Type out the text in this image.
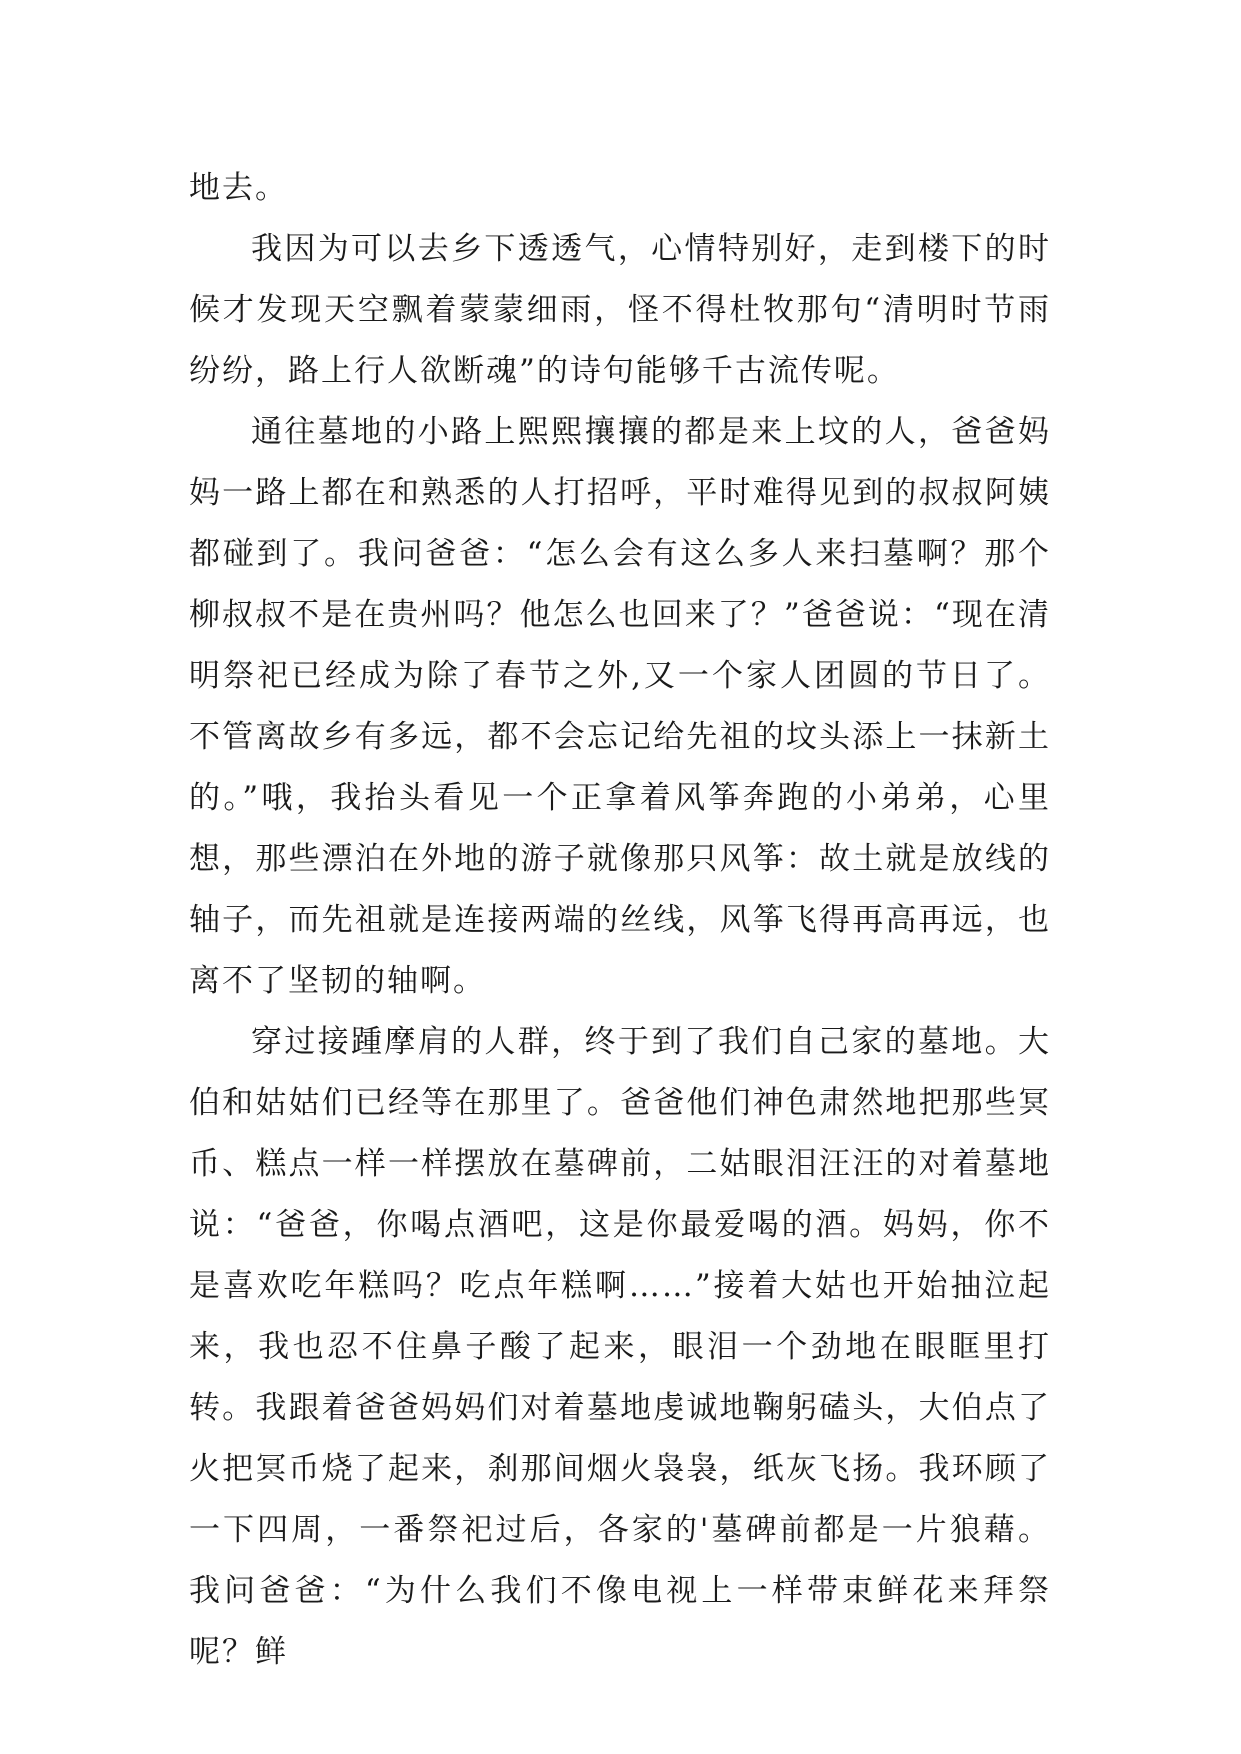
地去。

我因为可以去乡下透透气，心情特别好，走到楼下的时候才发现天空飘着蒙蒙细雨，怪不得杜牧那句“清明时节雨纷纷，路上行人欲断魂”的诗句能够千古流传呢。

通往墓地的小路上熙熙攘攘的都是来上坟的人，爸爸妈妈一路上都在和熟悉的人打招呼，平时难得见到的叔叔阿姨都碰到了。我问爸爸：“怎么会有这么多人来扫墓啊？那个柳叔叔不是在贵州吗？他怎么也回来了？”爸爸说：“现在清明祭祀已经成为除了春节之外,又一个家人团圆的节日了。不管离故乡有多远，都不会忘记给先祖的坟头添上一抹新土的。”哦，我抬头看见一个正拿着风筝奔跑的小弟弟，心里想，那些漂泊在外地的游子就像那只风筝：故土就是放线的轴子，而先祖就是连接两端的丝线，风筝飞得再高再远，也离不了坚韧的轴啊。

穿过接踵摩肩的人群，终于到了我们自己家的墓地。大伯和姑姑们已经等在那里了。爸爸他们神色肃然地把那些冥币、糕点一样一样摆放在墓碑前，二姑眼泪汪汪的对着墓地说：“爸爸，你喝点酒吧，这是你最爱喝的酒。妈妈，你不是喜欢吃年糕吗？吃点年糕啊……”接着大姑也开始抽泣起来，我也忍不住鼻子酸了起来，眼泪一个劲地在眼眶里打转。我跟着爸爸妈妈们对着墓地虔诚地鞠躬磕头，大伯点了火把冥币烧了起来，刹那间烟火袅袅，纸灰飞扬。我环顾了一下四周，一番祭祀过后，各家的'墓碑前都是一片狼藉。我问爸爸：“为什么我们不像电视上一样带束鲜花来拜祭呢？鲜
